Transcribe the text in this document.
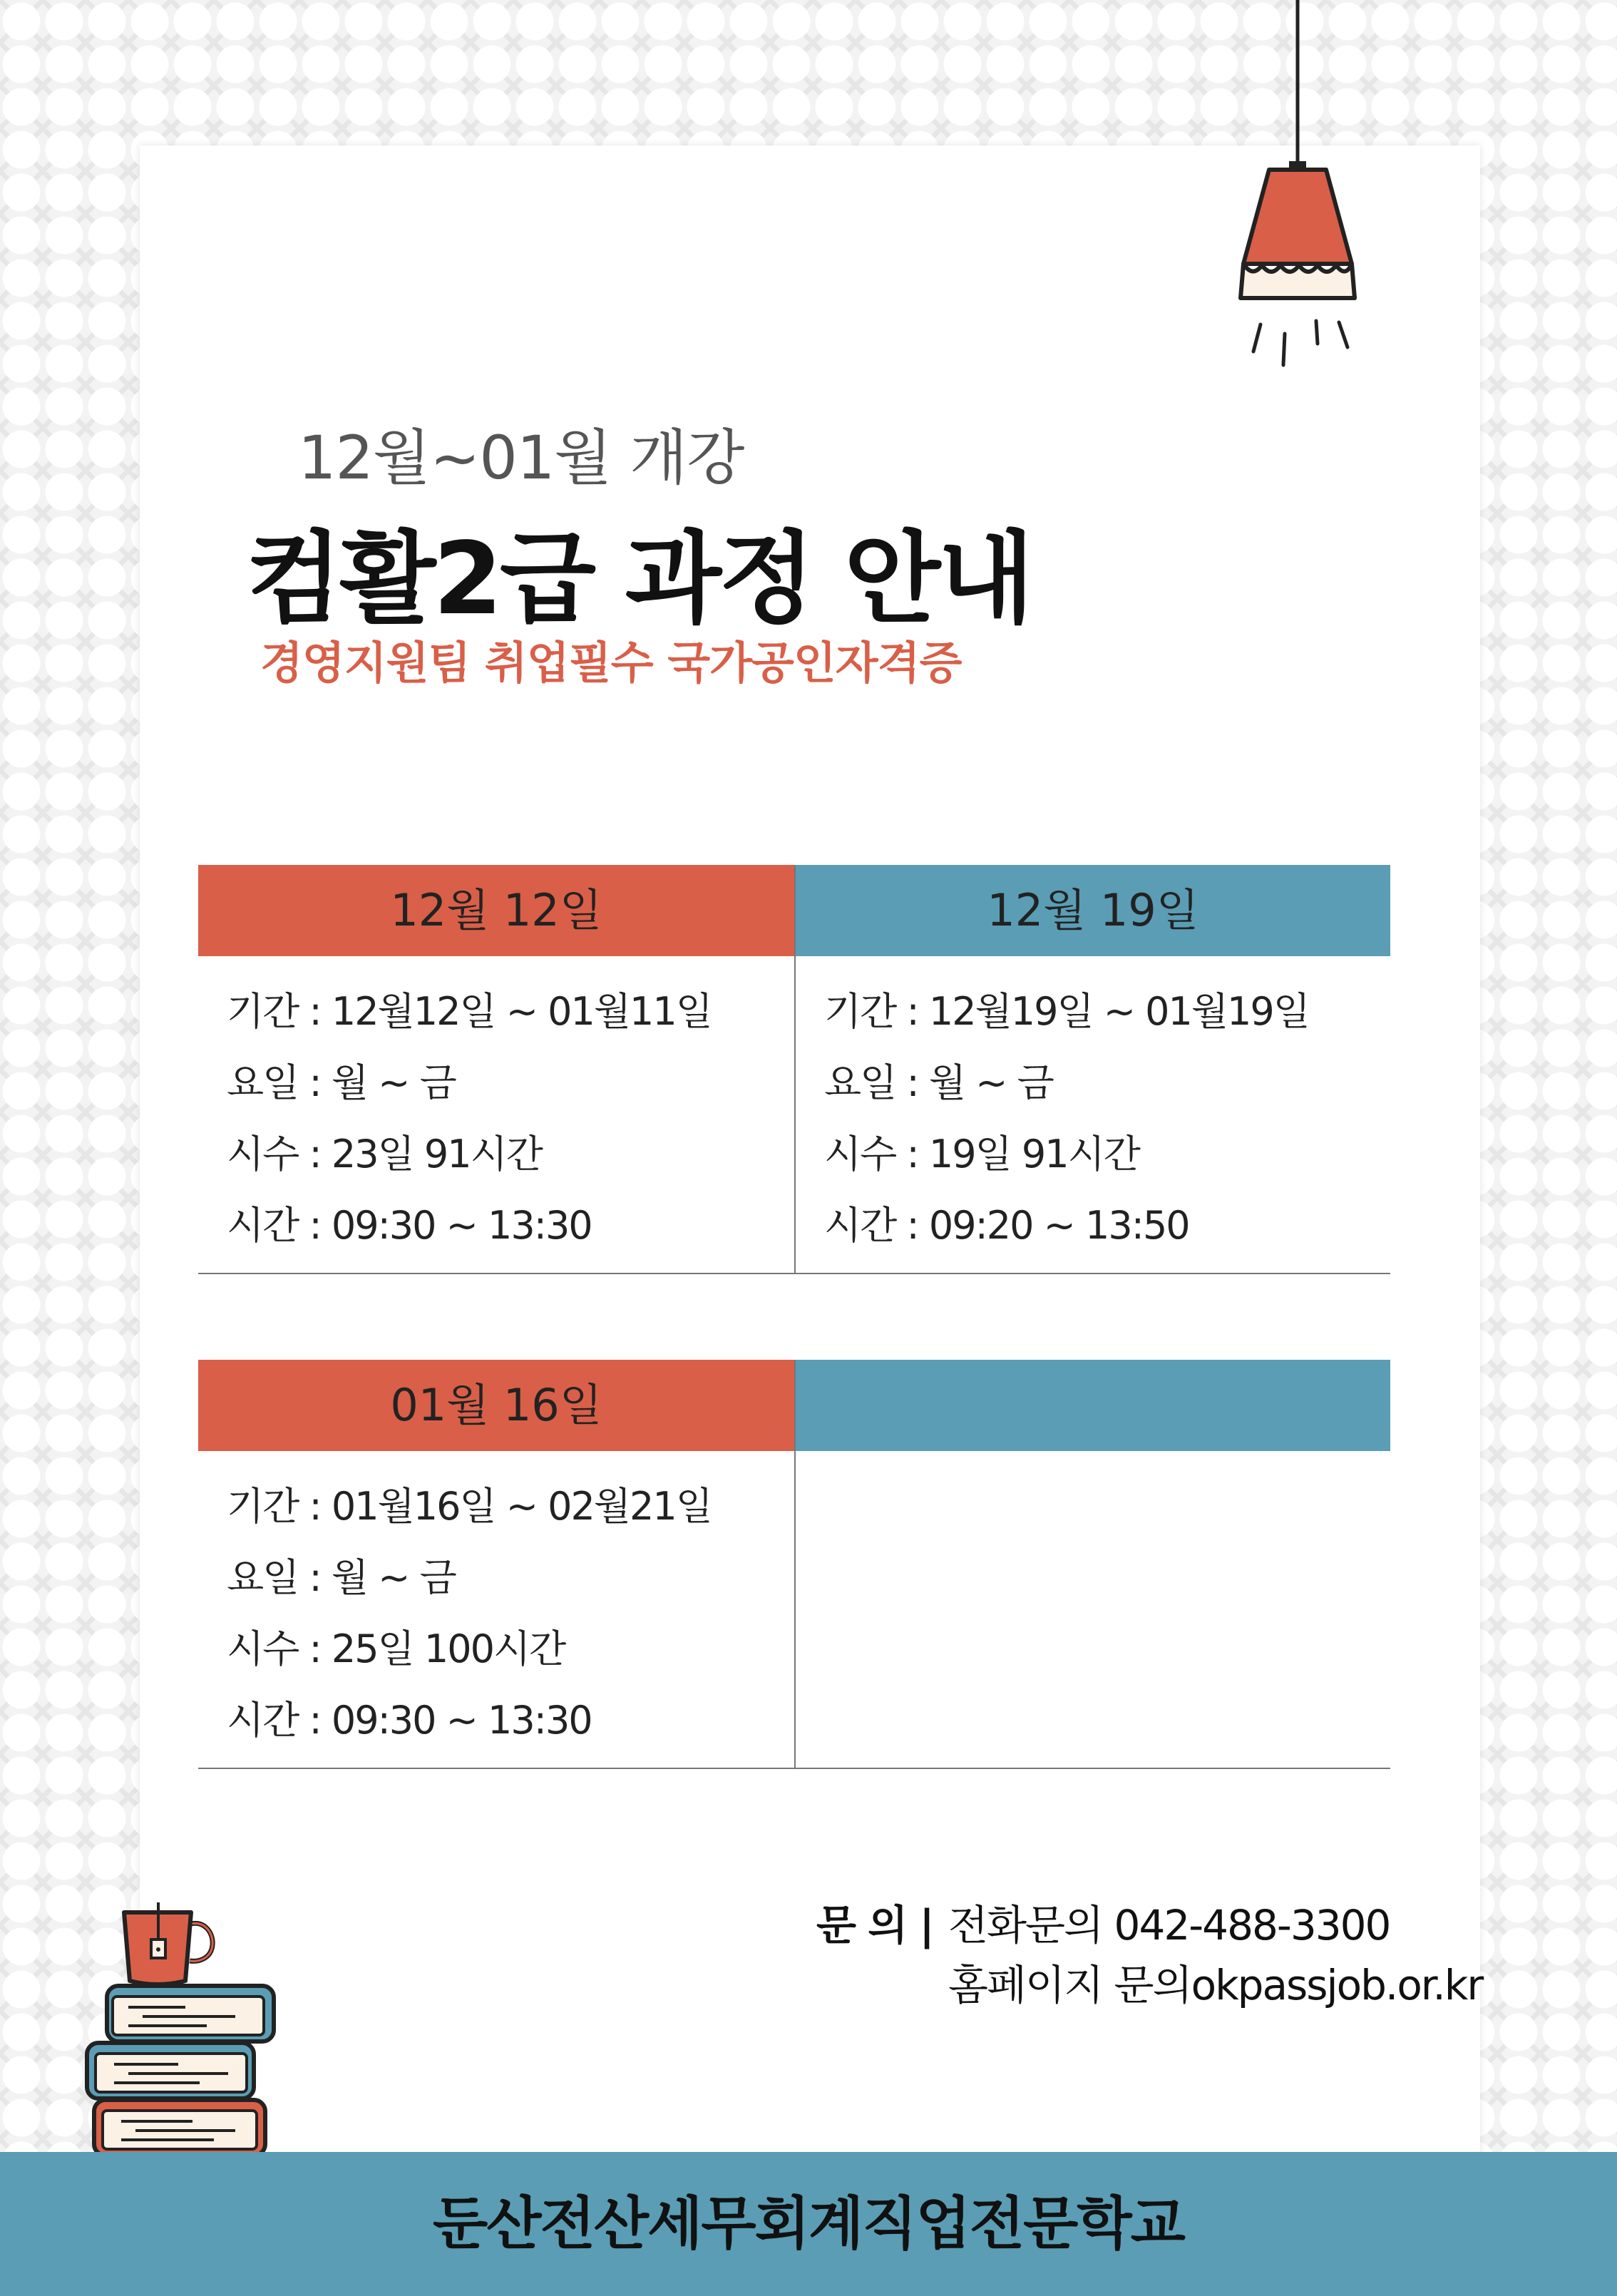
12월~01월 개강
컴활2급 과정 안내
경영지원팀 취업필수 국가공인자격증
12월 12일
기간 : 12월12일 ~ 01월11일
요일 : 월 ~ 금
시수 : 23일 91시간
시간 : 09:30 ~ 13:30
12월 19일
기간 : 12월19일 ~ 01월19일
요일 : 월 ~ 금
시수 : 19일 91시간
시간 : 09:20 ~ 13:50
01월 16일
기간 : 01월16일 ~ 02월21일
요일 : 월 ~ 금
시수 : 25일 100시간
시간 : 09:30 ~ 13:30
문 의 | 전화문의 042-488-3300
홈페이지 문의okpassjob.or.kr
둔산전산세무회계직업전문학교
